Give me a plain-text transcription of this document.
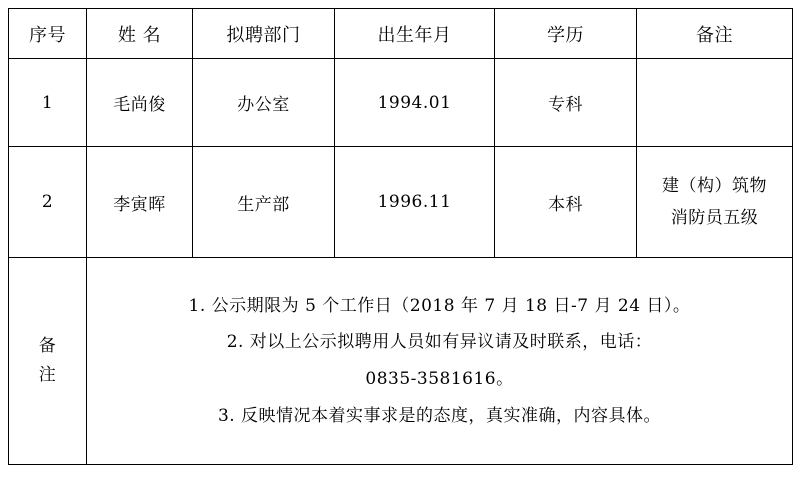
序号	姓 名	拟聘部门	出生年月	学历	备注
1	毛尚俊	办公室	1994.01	专科	
2	李寅晖	生产部	1996.11	本科	建（构）筑物
消防员五级

备
注	1. 公示期限为 5 个工作日（2018 年 7 月 18 日-7 月 24 日）。
2. 对以上公示拟聘用人员如有异议请及时联系，电话：
0835-3581616。
3. 反映情况本着实事求是的态度，真实准确，内容具体。				
